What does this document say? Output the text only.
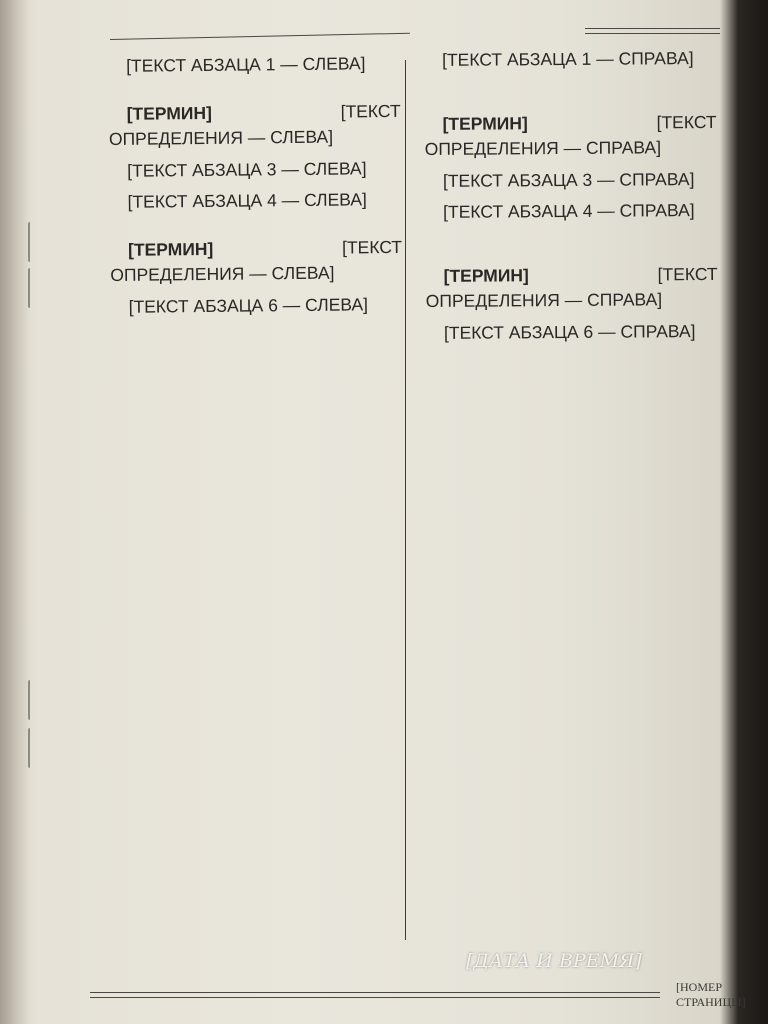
[ТЕКСТ АБЗАЦА 1 — СЛЕВА]

[ТЕРМИН]	[ТЕКСТ ОПРЕДЕЛЕНИЯ — СЛЕВА]

[ТЕКСТ АБЗАЦА 3 — СЛЕВА]

[ТЕКСТ АБЗАЦА 4 — СЛЕВА]

[ТЕРМИН]	[ТЕКСТ ОПРЕДЕЛЕНИЯ — СЛЕВА]

[ТЕКСТ АБЗАЦА 6 — СЛЕВА]

[ТЕКСТ АБЗАЦА 1 — СПРАВА]

[ТЕРМИН]	[ТЕКСТ ОПРЕДЕЛЕНИЯ — СПРАВА]

[ТЕКСТ АБЗАЦА 3 — СПРАВА]

[ТЕКСТ АБЗАЦА 4 — СПРАВА]

[ТЕРМИН]	[ТЕКСТ ОПРЕДЕЛЕНИЯ — СПРАВА]

[ТЕКСТ АБЗАЦА 6 — СПРАВА]

[ДАТА И ВРЕМЯ]
[НОМЕР СТРАНИЦЫ]
